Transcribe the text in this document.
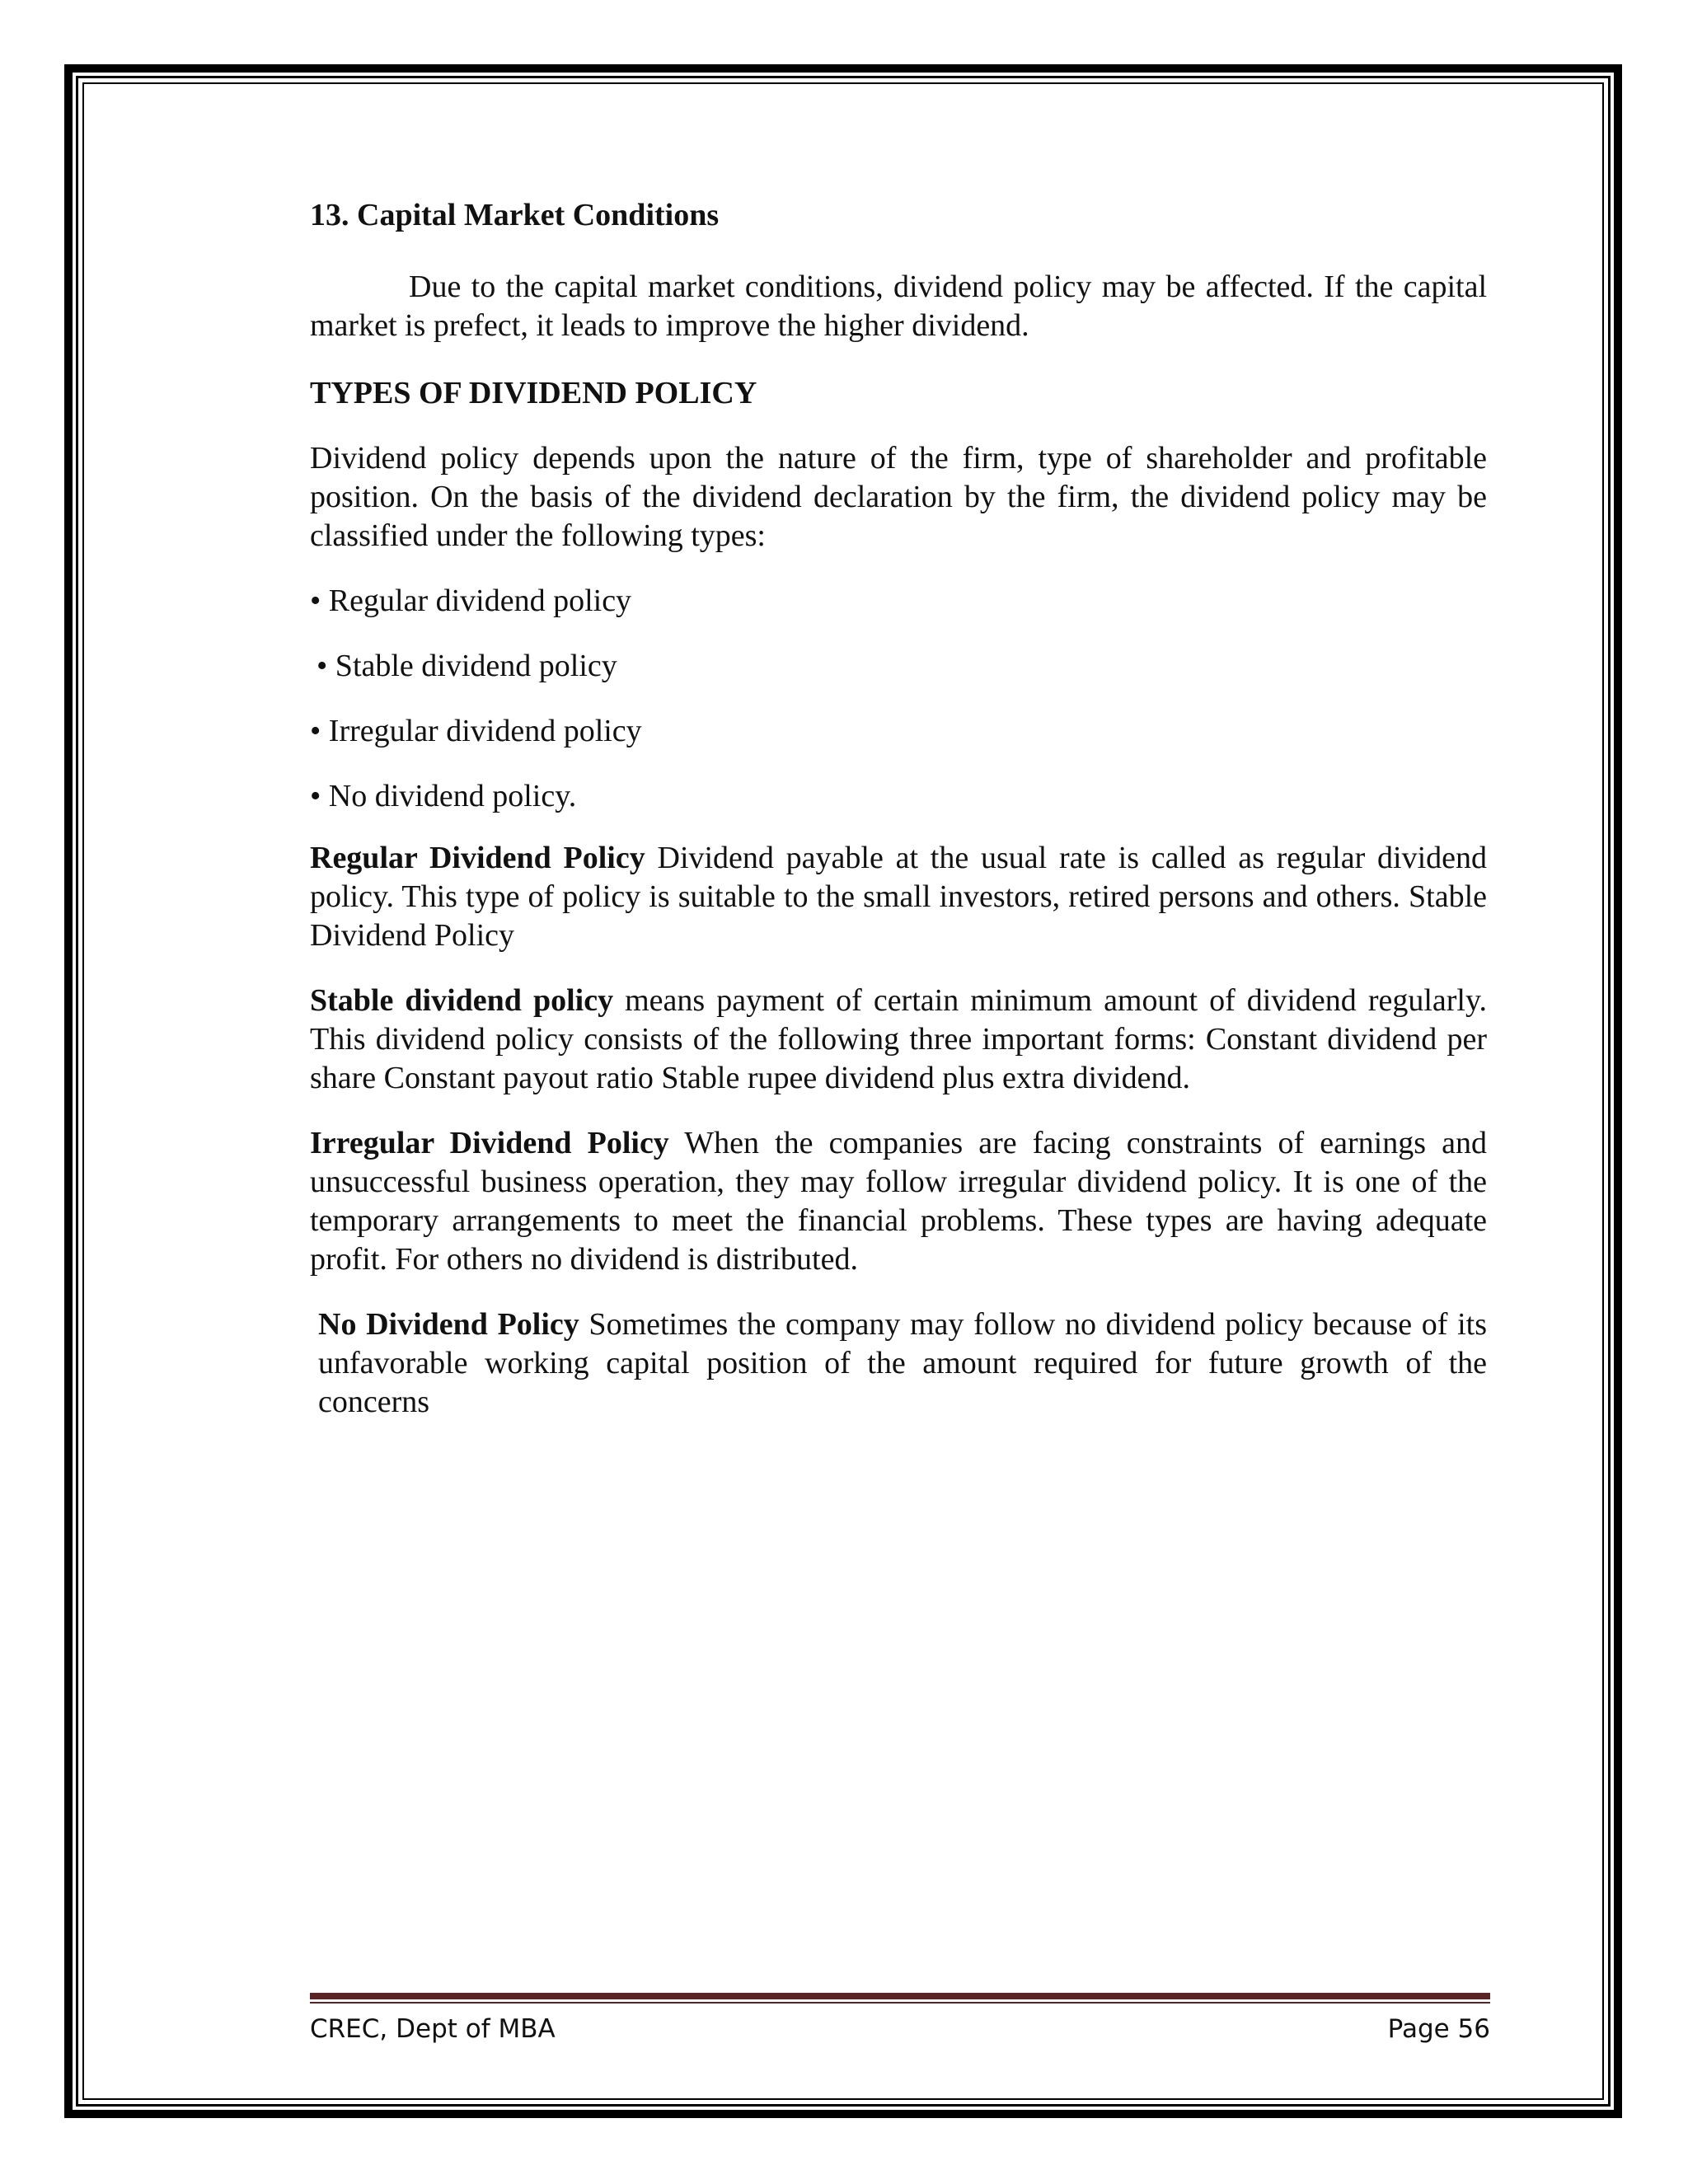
13. Capital Market Conditions

Due to the capital market conditions, dividend policy may be affected. If the capital market is prefect, it leads to improve the higher dividend.

TYPES OF DIVIDEND POLICY

Dividend policy depends upon the nature of the firm, type of shareholder and profitable position. On the basis of the dividend declaration by the firm, the dividend policy may be classified under the following types:

• Regular dividend policy
• Stable dividend policy
• Irregular dividend policy
• No dividend policy.

Regular Dividend Policy Dividend payable at the usual rate is called as regular dividend policy. This type of policy is suitable to the small investors, retired persons and others. Stable Dividend Policy

Stable dividend policy means payment of certain minimum amount of dividend regularly. This dividend policy consists of the following three important forms: Constant dividend per share Constant payout ratio Stable rupee dividend plus extra dividend.

Irregular Dividend Policy When the companies are facing constraints of earnings and unsuccessful business operation, they may follow irregular dividend policy. It is one of the temporary arrangements to meet the financial problems. These types are having adequate profit. For others no dividend is distributed.

No Dividend Policy Sometimes the company may follow no dividend policy because of its unfavorable working capital position of the amount required for future growth of the concerns

CREC, Dept of MBA	Page 56
